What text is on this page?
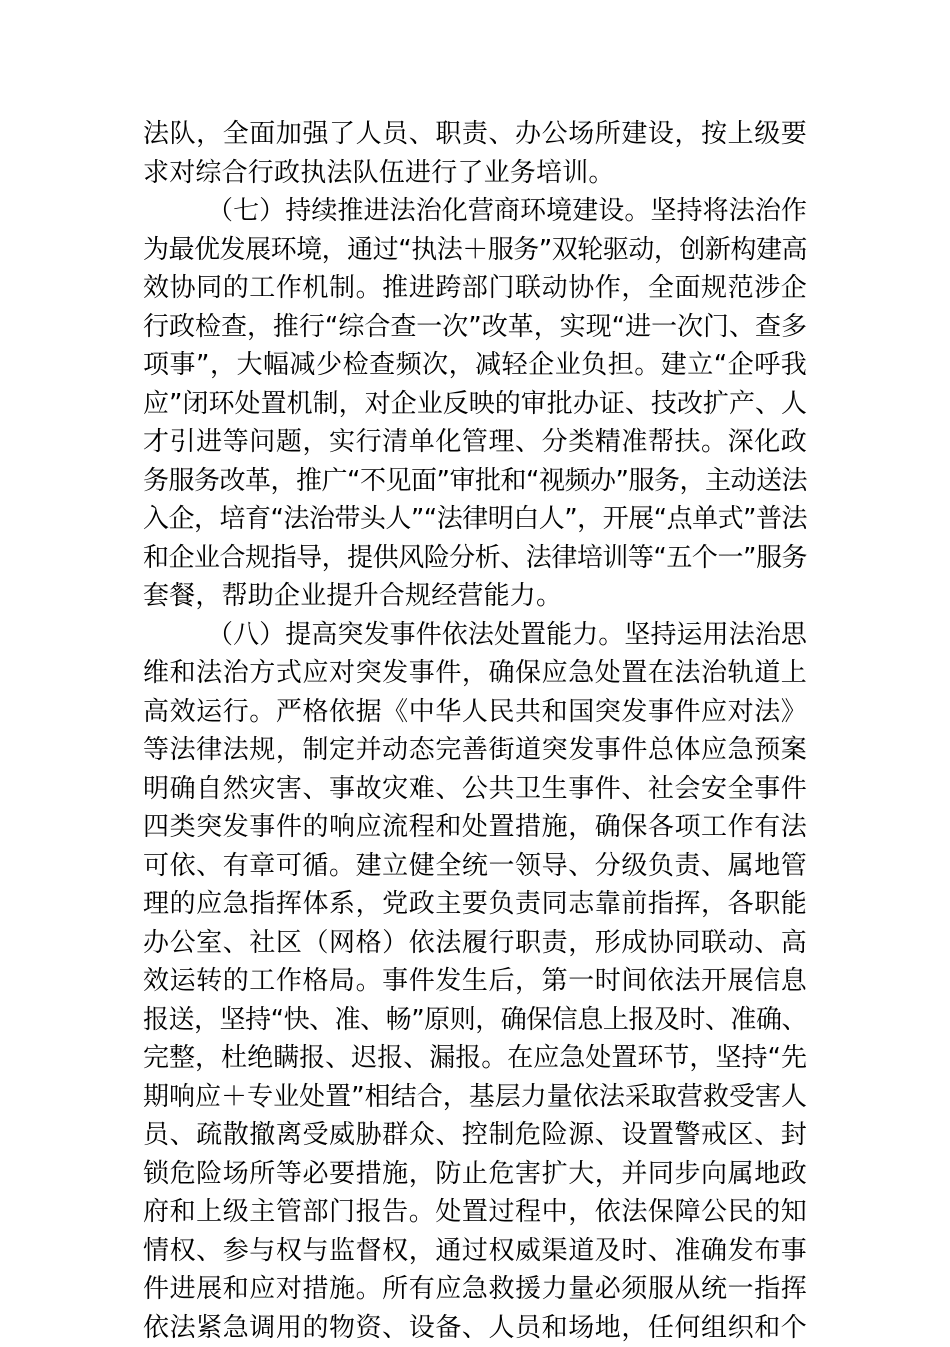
法队，全面加强了人员、职责、办公场所建设，按上级要
求对综合行政执法队伍进行了业务培训。
（七）持续推进法治化营商环境建设。坚持将法治作
为最优发展环境，通过“执法＋服务”双轮驱动，创新构建高
效协同的工作机制。推进跨部门联动协作，全面规范涉企
行政检查，推行“综合查一次”改革，实现“进一次门、查多
项事”，大幅减少检查频次，减轻企业负担。建立“企呼我
应”闭环处置机制，对企业反映的审批办证、技改扩产、人
才引进等问题，实行清单化管理、分类精准帮扶。深化政
务服务改革，推广“不见面”审批和“视频办”服务，主动送法
入企，培育“法治带头人”“法律明白人”，开展“点单式”普法
和企业合规指导，提供风险分析、法律培训等“五个一”服务
套餐，帮助企业提升合规经营能力。
（八）提高突发事件依法处置能力。坚持运用法治思
维和法治方式应对突发事件，确保应急处置在法治轨道上
高效运行。严格依据《中华人民共和国突发事件应对法》
等法律法规，制定并动态完善街道突发事件总体应急预案
明确自然灾害、事故灾难、公共卫生事件、社会安全事件
四类突发事件的响应流程和处置措施，确保各项工作有法
可依、有章可循。建立健全统一领导、分级负责、属地管
理的应急指挥体系，党政主要负责同志靠前指挥，各职能
办公室、社区（网格）依法履行职责，形成协同联动、高
效运转的工作格局。事件发生后，第一时间依法开展信息
报送，坚持“快、准、畅”原则，确保信息上报及时、准确、
完整，杜绝瞒报、迟报、漏报。在应急处置环节，坚持“先
期响应＋专业处置”相结合，基层力量依法采取营救受害人
员、疏散撤离受威胁群众、控制危险源、设置警戒区、封
锁危险场所等必要措施，防止危害扩大，并同步向属地政
府和上级主管部门报告。处置过程中，依法保障公民的知
情权、参与权与监督权，通过权威渠道及时、准确发布事
件进展和应对措施。所有应急救援力量必须服从统一指挥
依法紧急调用的物资、设备、人员和场地，任何组织和个
